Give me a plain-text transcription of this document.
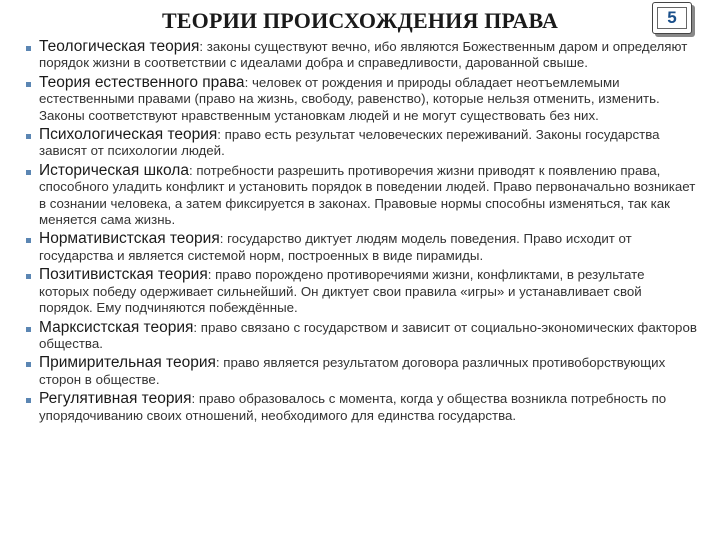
ТЕОРИИ ПРОИСХОЖДЕНИЯ ПРАВА	5
Теологическая теория: законы существуют вечно, ибо являются Божественным даром и определяют порядок жизни в соответствии с идеалами добра и справедливости, дарованной свыше.
Теория естественного права: человек от рождения и природы обладает неотъемлемыми естественными правами (право на жизнь, свободу, равенство), которые нельзя отменить, изменить. Законы соответствуют нравственным установкам людей и не могут существовать без них.
Психологическая теория: право есть результат человеческих переживаний. Законы государства зависят от психологии людей.
Историческая школа: потребности разрешить противоречия жизни приводят к появлению права, способного уладить конфликт и установить порядок в поведении людей. Право первоначально возникает в сознании человека, а затем фиксируется в законах. Правовые нормы способны изменяться, так как меняется сама жизнь.
Нормативистская теория: государство диктует людям модель поведения. Право исходит от государства и является системой норм, построенных в виде пирамиды.
Позитивистская теория: право порождено противоречиями жизни, конфликтами, в результате которых победу одерживает сильнейший. Он диктует свои правила «игры» и устанавливает свой порядок. Ему подчиняются побеждённые.
Марксистская теория: право связано с государством и зависит от социально-экономических факторов общества.
Примирительная теория: право является результатом договора различных противоборствующих сторон в обществе.
Регулятивная теория: право образовалось с момента, когда у общества возникла потребность по упорядочиванию своих отношений, необходимого для единства государства.
